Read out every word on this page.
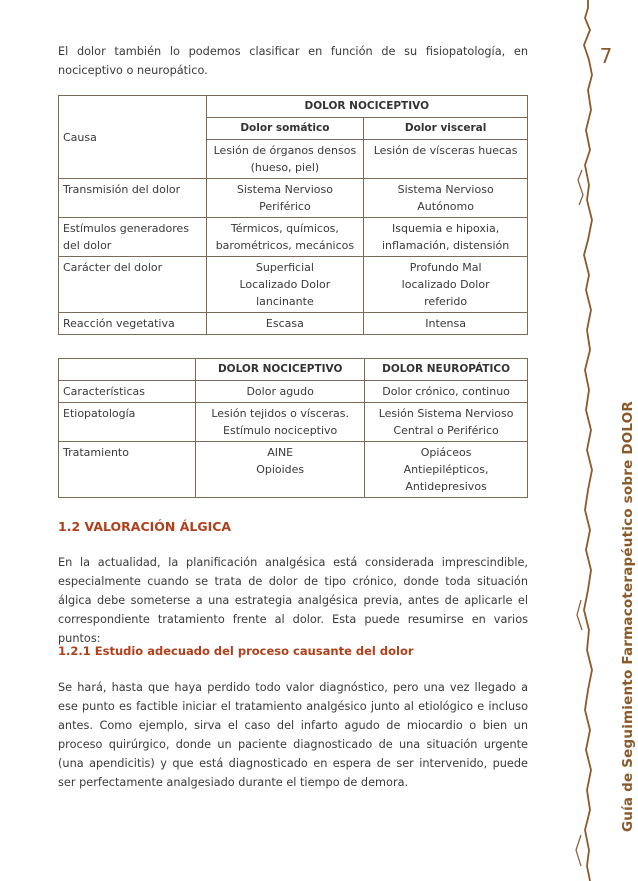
7
Guía de Seguimiento Farmacoterapéutico sobre DOLOR

El dolor también lo podemos clasificar en función de su fisiopatología, en nociceptivo o neuropático.

Causa	DOLOR NOCICEPTIVO	
	Dolor somático	Dolor visceral
	Lesión de órganos densos (hueso, piel)	Lesión de vísceras huecas
Transmisión del dolor	Sistema Nervioso Periférico	Sistema Nervioso Autónomo
Estímulos generadores del dolor	Térmicos, químicos, barométricos, mecánicos	Isquemia e hipoxia, inflamación, distensión
Carácter del dolor	Superficial Localizado Dolor lancinante	Profundo Mal localizado Dolor referido
Reacción vegetativa	Escasa	Intensa
	DOLOR NOCICEPTIVO	DOLOR NEUROPÁTICO
Características	Dolor agudo	Dolor crónico, continuo
Etiopatología	Lesión tejidos o vísceras. Estímulo nociceptivo	Lesión Sistema Nervioso Central o Periférico
Tratamiento	AINE Opioides	Opiáceos Antiepilépticos, Antidepresivos
1.2 VALORACIÓN ÁLGICA

En la actualidad, la planificación analgésica está considerada imprescindible, especialmente cuando se trata de dolor de tipo crónico, donde toda situación álgica debe someterse a una estrategia analgésica previa, antes de aplicarle el correspondiente tratamiento frente al dolor. Esta puede resumirse en varios puntos:

1.2.1 Estudio adecuado del proceso causante del dolor

Se hará, hasta que haya perdido todo valor diagnóstico, pero una vez llegado a ese punto es factible iniciar el tratamiento analgésico junto al etiológico e incluso antes. Como ejemplo, sirva el caso del infarto agudo de miocardio o bien un proceso quirúrgico, donde un paciente diagnosticado de una situación urgente (una apendicitis) y que está diagnosticado en espera de ser intervenido, puede ser perfectamente analgesiado durante el tiempo de demora.
